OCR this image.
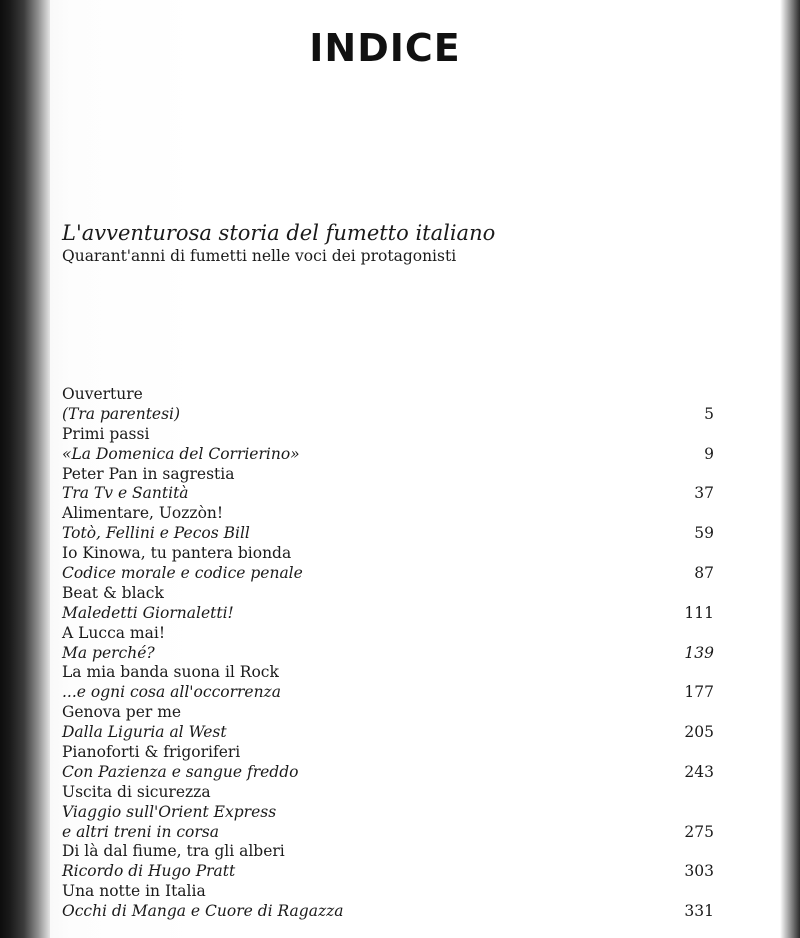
INDICE
L'avventurosa storia del fumetto italiano
Quarant'anni di fumetti nelle voci dei protagonisti
Ouverture
(Tra parentesi)	5
Primi passi
«La Domenica del Corrierino»	9
Peter Pan in sagrestia
Tra Tv e Santità	37
Alimentare, Uozzòn!
Totò, Fellini e Pecos Bill	59
Io Kinowa, tu pantera bionda
Codice morale e codice penale	87
Beat & black
Maledetti Giornaletti!	111
A Lucca mai!
Ma perché?	139
La mia banda suona il Rock
...e ogni cosa all'occorrenza	177
Genova per me
Dalla Liguria al West	205
Pianoforti & frigoriferi
Con Pazienza e sangue freddo	243
Uscita di sicurezza
Viaggio sull'Orient Express
e altri treni in corsa	275
Di là dal fiume, tra gli alberi
Ricordo di Hugo Pratt	303
Una notte in Italia
Occhi di Manga e Cuore di Ragazza	331
